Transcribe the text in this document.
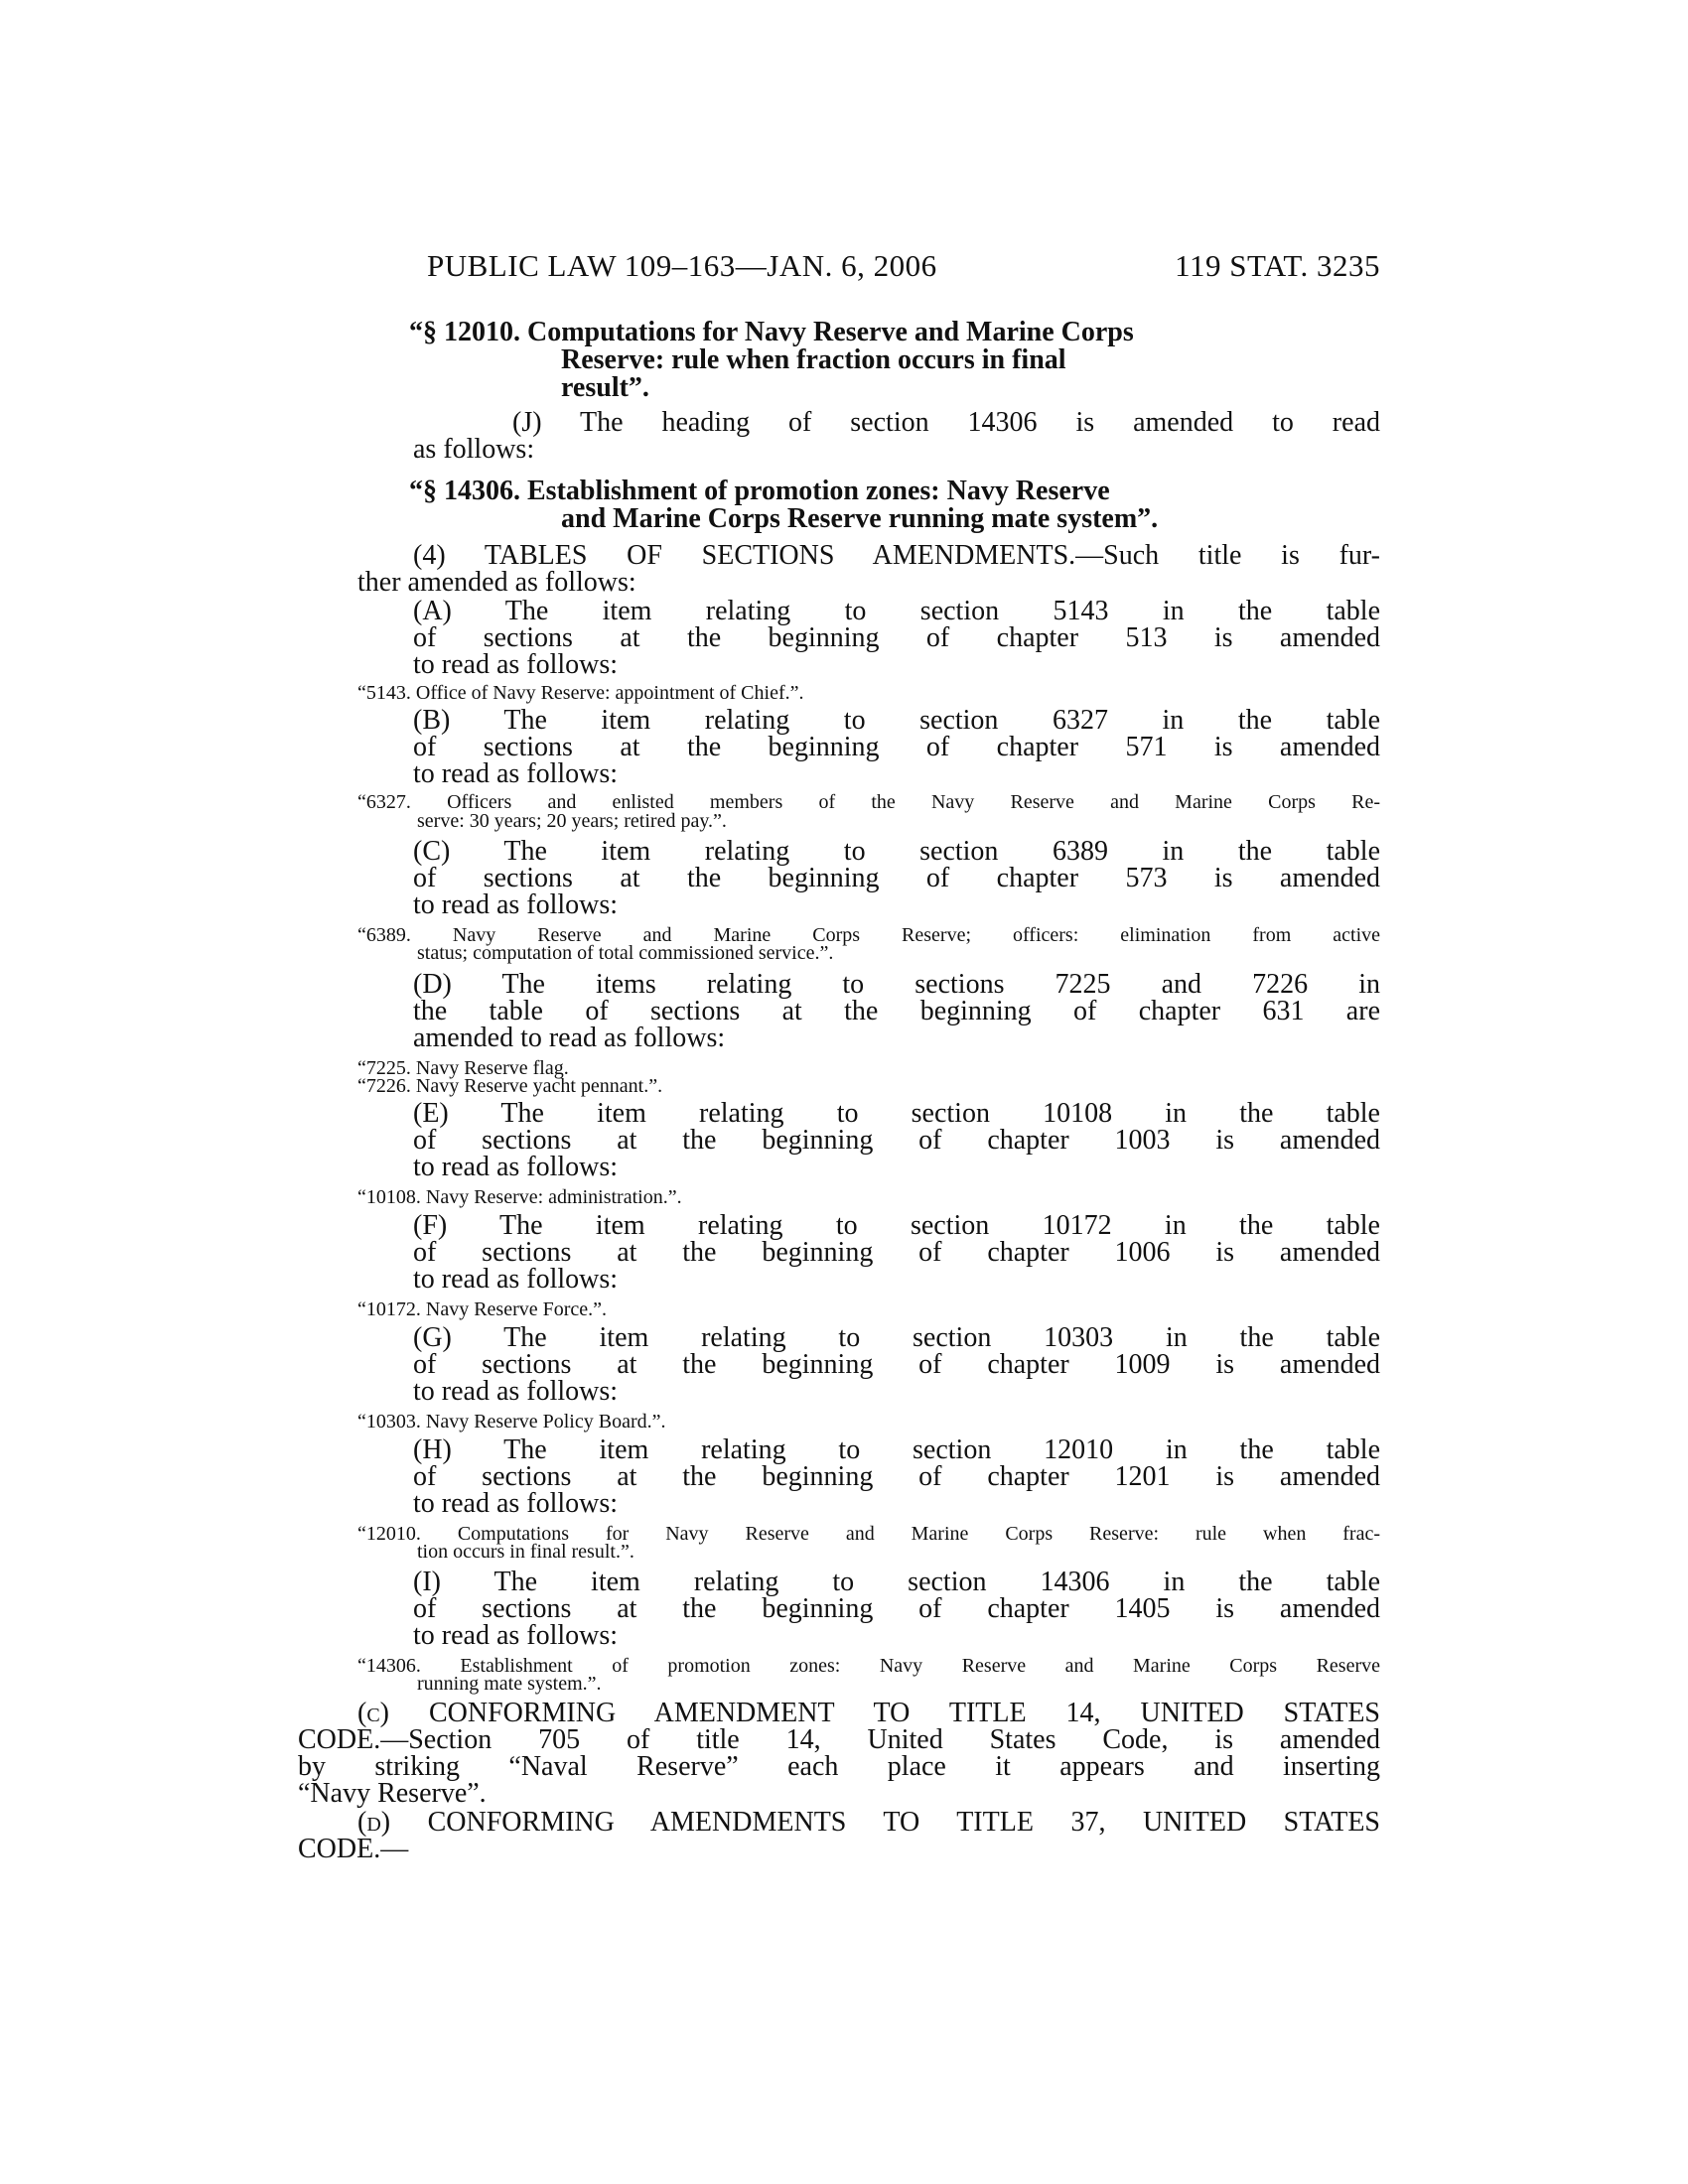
PUBLIC LAW 109–163—JAN. 6, 2006	119 STAT. 3235
“§ 12010. Computations for Navy Reserve and Marine Corps
Reserve: rule when fraction occurs in final
result”.
(J) The heading of section 14306 is amended to read
as follows:
“§ 14306. Establishment of promotion zones: Navy Reserve
and Marine Corps Reserve running mate system”.
(4) TABLES OF SECTIONS AMENDMENTS.—Such title is fur-
ther amended as follows:
(A) The item relating to section 5143 in the table
of sections at the beginning of chapter 513 is amended
to read as follows:
“5143. Office of Navy Reserve: appointment of Chief.”.
(B) The item relating to section 6327 in the table
of sections at the beginning of chapter 571 is amended
to read as follows:
“6327. Officers and enlisted members of the Navy Reserve and Marine Corps Re-
serve: 30 years; 20 years; retired pay.”.
(C) The item relating to section 6389 in the table
of sections at the beginning of chapter 573 is amended
to read as follows:
“6389. Navy Reserve and Marine Corps Reserve; officers: elimination from active
status; computation of total commissioned service.”.
(D) The items relating to sections 7225 and 7226 in
the table of sections at the beginning of chapter 631 are
amended to read as follows:
“7225. Navy Reserve flag.
“7226. Navy Reserve yacht pennant.”.
(E) The item relating to section 10108 in the table
of sections at the beginning of chapter 1003 is amended
to read as follows:
“10108. Navy Reserve: administration.”.
(F) The item relating to section 10172 in the table
of sections at the beginning of chapter 1006 is amended
to read as follows:
“10172. Navy Reserve Force.”.
(G) The item relating to section 10303 in the table
of sections at the beginning of chapter 1009 is amended
to read as follows:
“10303. Navy Reserve Policy Board.”.
(H) The item relating to section 12010 in the table
of sections at the beginning of chapter 1201 is amended
to read as follows:
“12010. Computations for Navy Reserve and Marine Corps Reserve: rule when frac-
tion occurs in final result.”.
(I) The item relating to section 14306 in the table
of sections at the beginning of chapter 1405 is amended
to read as follows:
“14306. Establishment of promotion zones: Navy Reserve and Marine Corps Reserve
running mate system.”.
(c) CONFORMING AMENDMENT TO TITLE 14, UNITED STATES
CODE.—Section 705 of title 14, United States Code, is amended
by striking “Naval Reserve” each place it appears and inserting
“Navy Reserve”.
(d) CONFORMING AMENDMENTS TO TITLE 37, UNITED STATES
CODE.—
